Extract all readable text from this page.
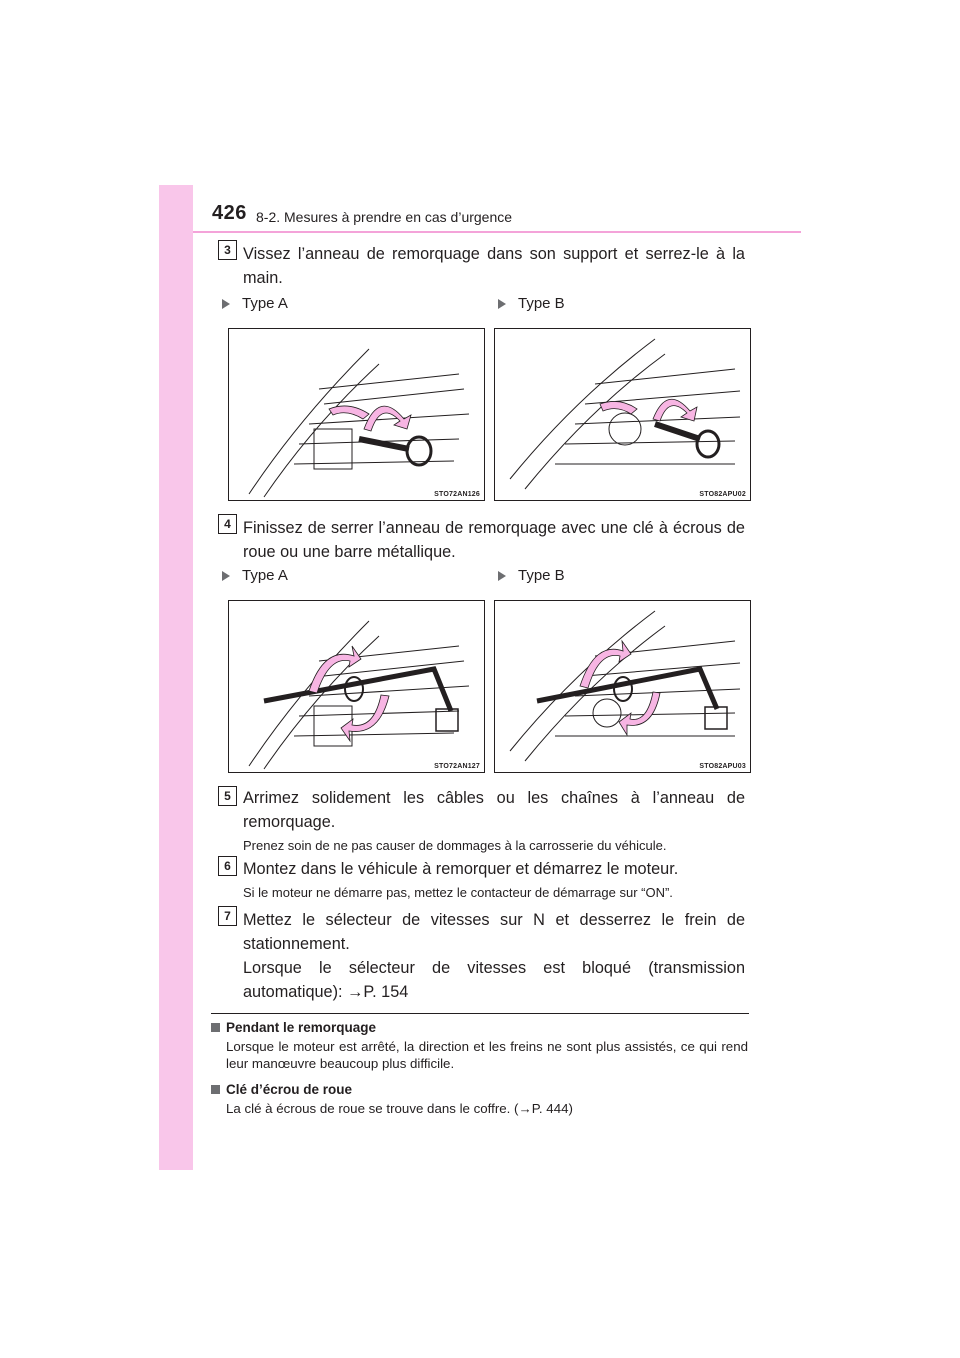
426 8-2. Mesures à prendre en cas d’urgence
3 Vissez l’anneau de remorquage dans son support et serrez-le à la main.
Type A	Type B
STO72AN126	STO82APU02
4 Finissez de serrer l’anneau de remorquage avec une clé à écrous de roue ou une barre métallique.
Type A	Type B
STO72AN127	STO82APU03
5 Arrimez solidement les câbles ou les chaînes à l’anneau de remorquage.
Prenez soin de ne pas causer de dommages à la carrosserie du véhicule.
6 Montez dans le véhicule à remorquer et démarrez le moteur.
Si le moteur ne démarre pas, mettez le contacteur de démarrage sur “ON”.
7 Mettez le sélecteur de vitesses sur N et desserrez le frein de stationnement.
Lorsque le sélecteur de vitesses est bloqué (transmission automatique): →P. 154
Pendant le remorquage
Lorsque le moteur est arrêté, la direction et les freins ne sont plus assistés, ce qui rend leur manœuvre beaucoup plus difficile.
Clé d’écrou de roue
La clé à écrous de roue se trouve dans le coffre. (→P. 444)
